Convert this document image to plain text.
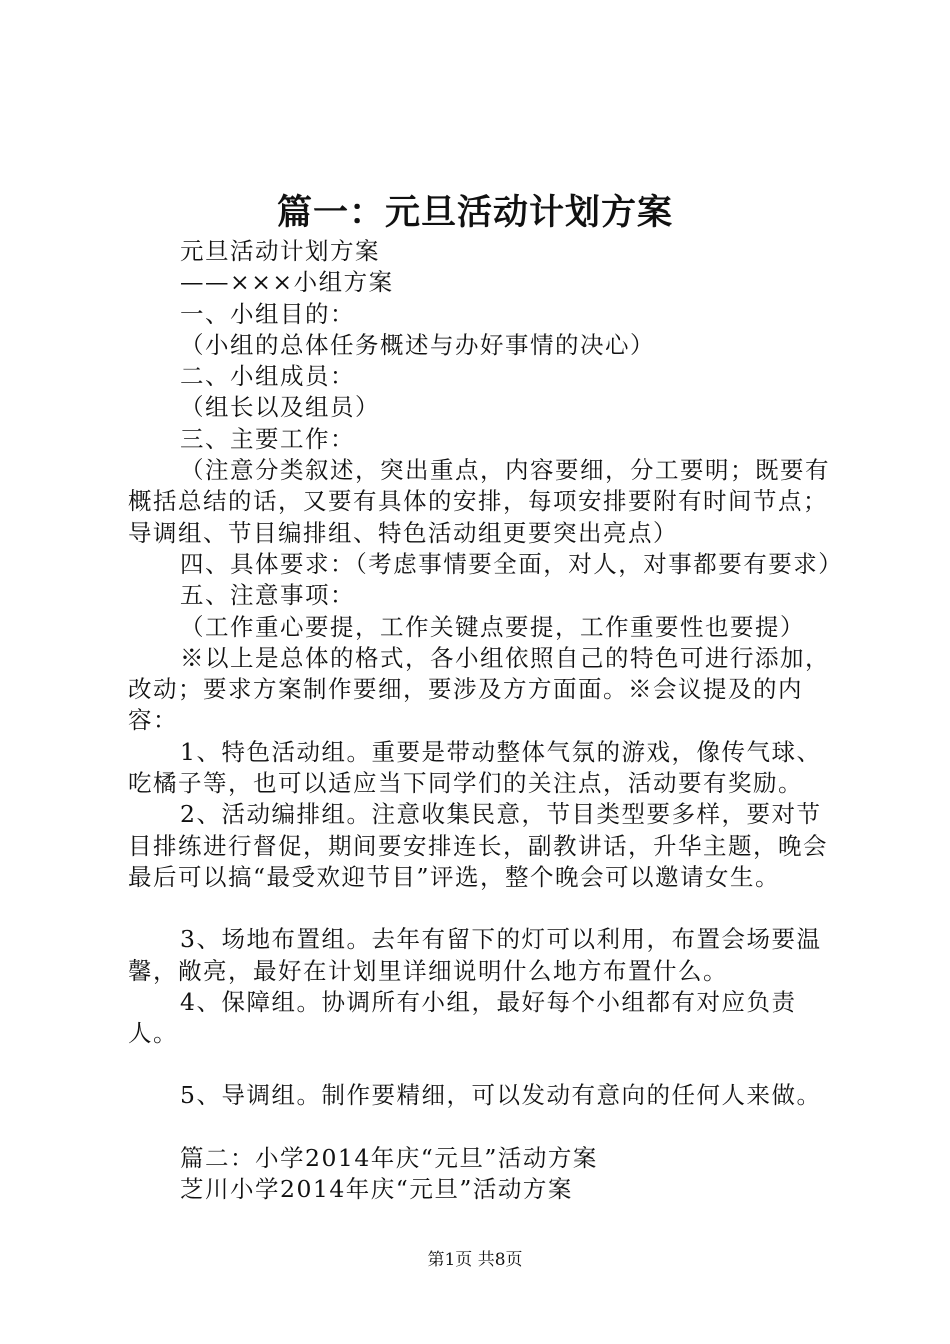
篇一：元旦活动计划方案

元旦活动计划方案

——×××小组方案

一、小组目的：

（小组的总体任务概述与办好事情的决心）

二、小组成员：

（组长以及组员）

三、主要工作：

（注意分类叙述，突出重点，内容要细，分工要明；既要有概括总结的话，又要有具体的安排，每项安排要附有时间节点；导调组、节目编排组、特色活动组更要突出亮点）

四、具体要求：（考虑事情要全面，对人，对事都要有要求）

五、注意事项：

（工作重心要提，工作关键点要提，工作重要性也要提）

※以上是总体的格式，各小组依照自己的特色可进行添加，改动；要求方案制作要细，要涉及方方面面。※会议提及的内容：

1、特色活动组。重要是带动整体气氛的游戏，像传气球、吃橘子等，也可以适应当下同学们的关注点，活动要有奖励。

2、活动编排组。注意收集民意，节目类型要多样，要对节目排练进行督促，期间要安排连长，副教讲话，升华主题，晚会最后可以搞“最受欢迎节目”评选，整个晚会可以邀请女生。

3、场地布置组。去年有留下的灯可以利用，布置会场要温馨，敞亮，最好在计划里详细说明什么地方布置什么。

4、保障组。协调所有小组，最好每个小组都有对应负责人。

5、导调组。制作要精细，可以发动有意向的任何人来做。

篇二：小学2014年庆“元旦”活动方案

芝川小学2014年庆“元旦”活动方案

第1页 共8页
